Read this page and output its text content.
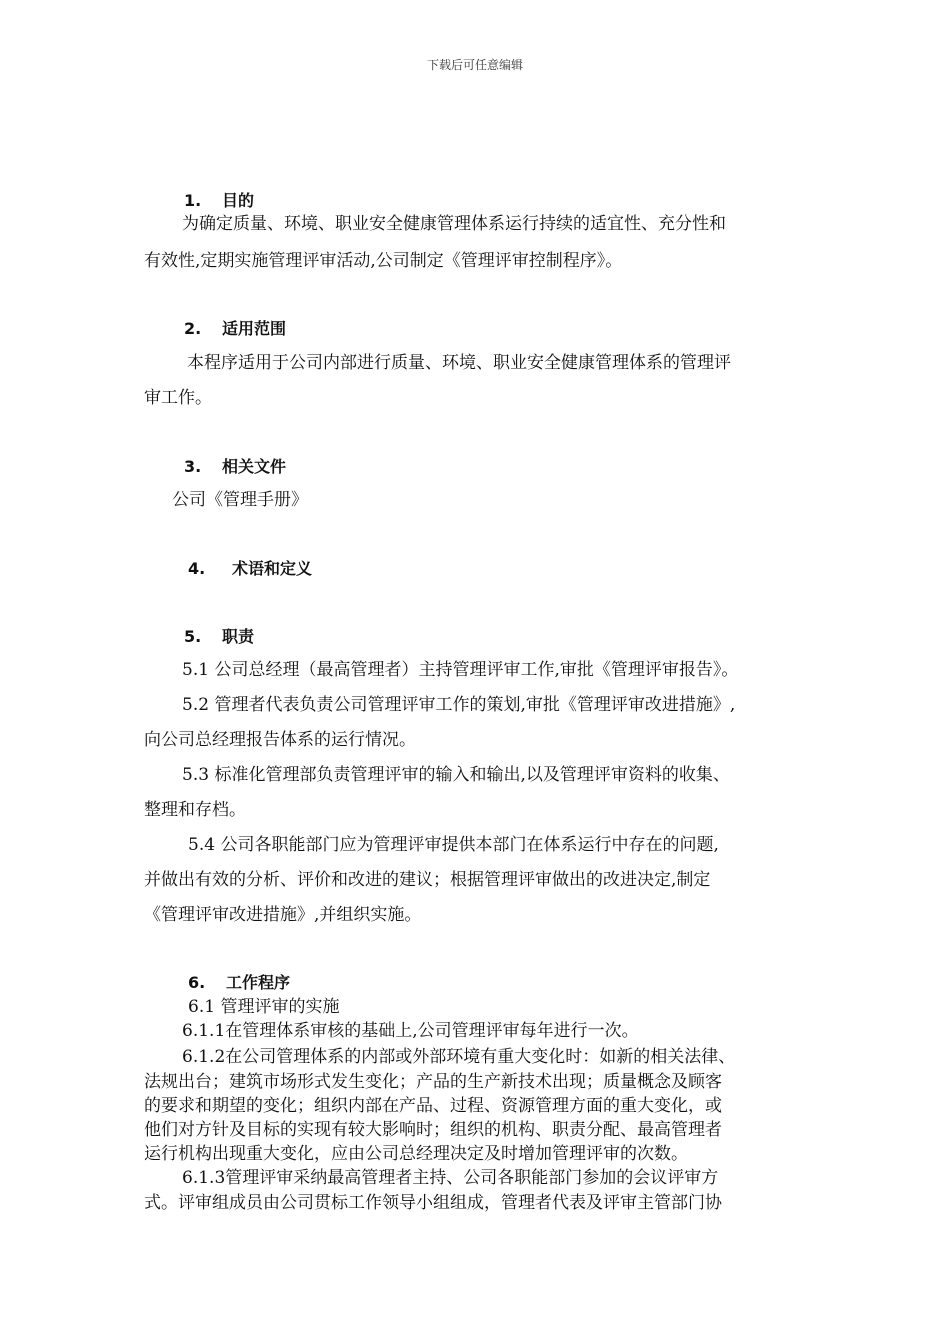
下载后可任意编辑
1. 目的
为确定质量、环境、职业安全健康管理体系运行持续的适宜性、充分性和
有效性,定期实施管理评审活动,公司制定《管理评审控制程序》。
2. 适用范围
本程序适用于公司内部进行质量、环境、职业安全健康管理体系的管理评
审工作。
3. 相关文件
公司《管理手册》
4. 术语和定义
5. 职责
5.1 公司总经理（最高管理者）主持管理评审工作,审批《管理评审报告》。
5.2 管理者代表负责公司管理评审工作的策划,审批《管理评审改进措施》,
向公司总经理报告体系的运行情况。
5.3 标准化管理部负责管理评审的输入和输出,以及管理评审资料的收集、
整理和存档。
5.4 公司各职能部门应为管理评审提供本部门在体系运行中存在的问题,
并做出有效的分析、评价和改进的建议；根据管理评审做出的改进决定,制定
《管理评审改进措施》,并组织实施。
6. 工作程序
6.1 管理评审的实施
6.1.1在管理体系审核的基础上,公司管理评审每年进行一次。
6.1.2在公司管理体系的内部或外部环境有重大变化时：如新的相关法律、
法规出台；建筑市场形式发生变化；产品的生产新技术出现；质量概念及顾客
的要求和期望的变化；组织内部在产品、过程、资源管理方面的重大变化，或
他们对方针及目标的实现有较大影响时；组织的机构、职责分配、最高管理者
运行机构出现重大变化，应由公司总经理决定及时增加管理评审的次数。
6.1.3管理评审采纳最高管理者主持、公司各职能部门参加的会议评审方
式。评审组成员由公司贯标工作领导小组组成，管理者代表及评审主管部门协
